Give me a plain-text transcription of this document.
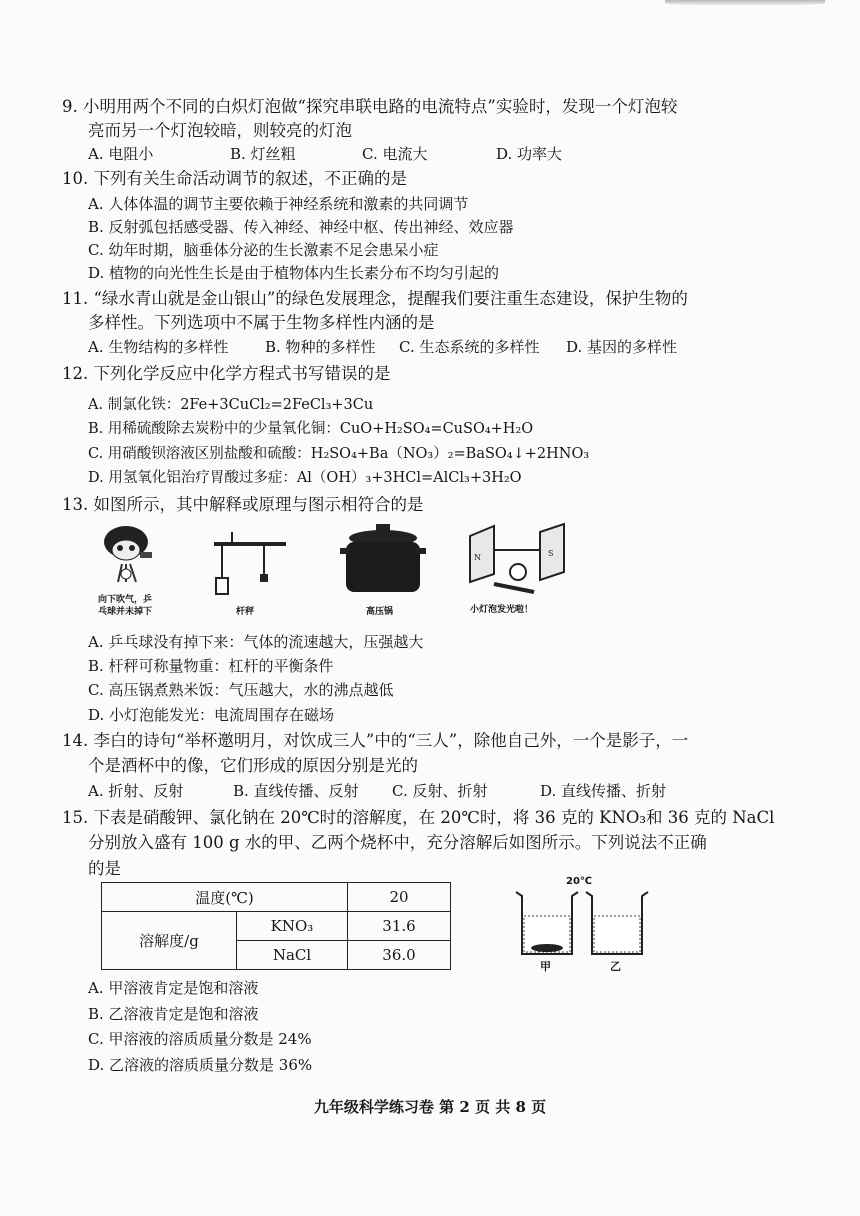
9. 小明用两个不同的白炽灯泡做“探究串联电路的电流特点”实验时，发现一个灯泡较
亮而另一个灯泡较暗，则较亮的灯泡
A. 电阻小	B. 灯丝粗	C. 电流大	D. 功率大
10. 下列有关生命活动调节的叙述，不正确的是
A. 人体体温的调节主要依赖于神经系统和激素的共同调节
B. 反射弧包括感受器、传入神经、神经中枢、传出神经、效应器
C. 幼年时期，脑垂体分泌的生长激素不足会患呆小症
D. 植物的向光性生长是由于植物体内生长素分布不均匀引起的
11. “绿水青山就是金山银山”的绿色发展理念，提醒我们要注重生态建设，保护生物的
多样性。下列选项中不属于生物多样性内涵的是
A. 生物结构的多样性 B. 物种的多样性 C. 生态系统的多样性 D. 基因的多样性
12. 下列化学反应中化学方程式书写错误的是
A. 制氯化铁：2Fe+3CuCl₂=2FeCl₃+3Cu
B. 用稀硫酸除去炭粉中的少量氧化铜：CuO+H₂SO₄=CuSO₄+H₂O
C. 用硝酸钡溶液区别盐酸和硫酸：H₂SO₄+Ba（NO₃）₂=BaSO₄↓+2HNO₃
D. 用氢氧化铝治疗胃酸过多症：Al（OH）₃+3HCl=AlCl₃+3H₂O
13. 如图所示，其中解释或原理与图示相符合的是
向下吹气，乒
乓球并未掉下	杆秤	高压锅
N	S
小灯泡发光啦！
A. 乒乓球没有掉下来：气体的流速越大，压强越大
B. 杆秤可称量物重：杠杆的平衡条件
C. 高压锅煮熟米饭：气压越大，水的沸点越低
D. 小灯泡能发光：电流周围存在磁场
14. 李白的诗句“举杯邀明月，对饮成三人”中的“三人”，除他自己外，一个是影子，一
个是酒杯中的像，它们形成的原因分别是光的
A. 折射、反射	B. 直线传播、反射 C. 反射、折射	D. 直线传播、折射
15. 下表是硝酸钾、氯化钠在 20℃时的溶解度，在 20℃时，将 36 克的 KNO₃和 36 克的 NaCl
分别放入盛有 100 g 水的甲、乙两个烧杯中，充分溶解后如图所示。下列说法不正确
的是
温度(℃)		20
溶解度/g	KNO₃	31.6
	NaCl	36.0
20℃
甲	乙
A. 甲溶液肯定是饱和溶液
B. 乙溶液肯定是饱和溶液
C. 甲溶液的溶质质量分数是 24%
D. 乙溶液的溶质质量分数是 36%
九年级科学练习卷 第 2 页 共 8 页
